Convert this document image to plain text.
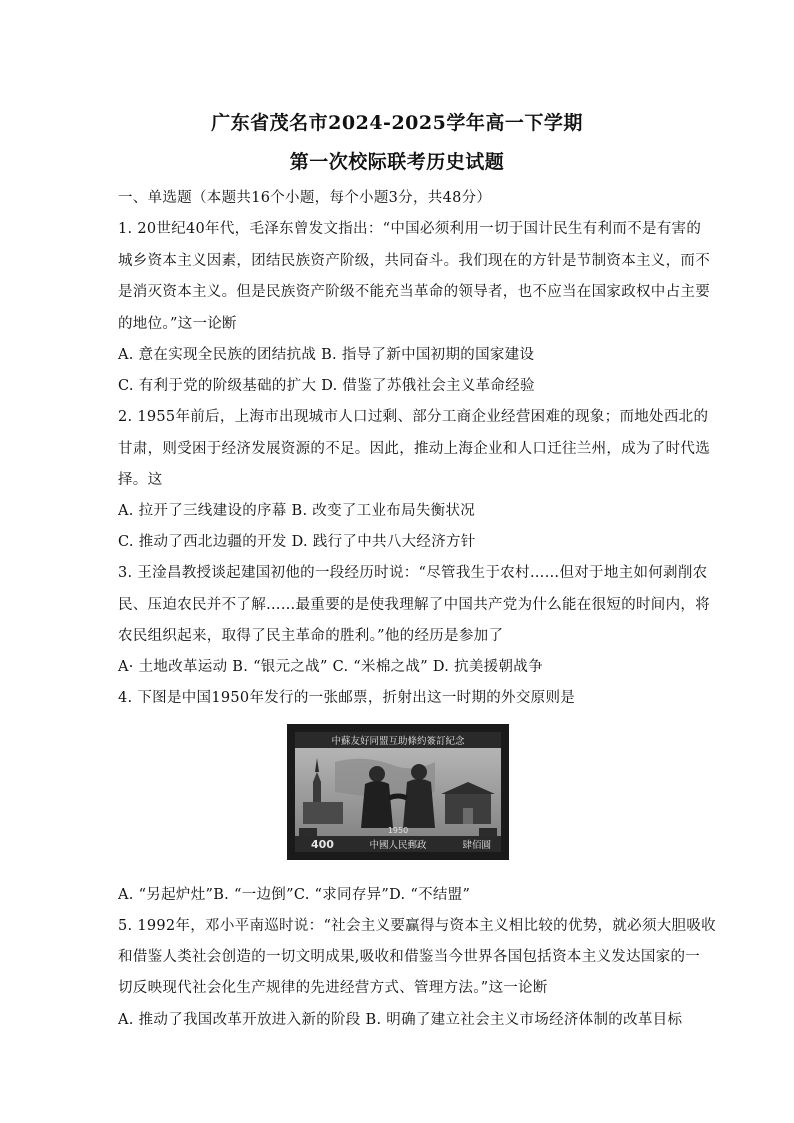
广东省茂名市2024-2025学年高一下学期
第一次校际联考历史试题
一、单选题（本题共16个小题，每个小题3分，共48分）
1. 20世纪40年代，毛泽东曾发文指出：“中国必须利用一切于国计民生有利而不是有害的
城乡资本主义因素，团结民族资产阶级，共同奋斗。我们现在的方针是节制资本主义，而不
是消灭资本主义。但是民族资产阶级不能充当革命的领导者，也不应当在国家政权中占主要
的地位。”这一论断
A. 意在实现全民族的团结抗战 B. 指导了新中国初期的国家建设
C. 有利于党的阶级基础的扩大 D. 借鉴了苏俄社会主义革命经验
2. 1955年前后，上海市出现城市人口过剩、部分工商企业经营困难的现象；而地处西北的
甘肃，则受困于经济发展资源的不足。因此，推动上海企业和人口迁往兰州，成为了时代选
择。这
A. 拉开了三线建设的序幕 B. 改变了工业布局失衡状况
C. 推动了西北边疆的开发 D. 践行了中共八大经济方针
3. 王淦昌教授谈起建国初他的一段经历时说：“尽管我生于农村……但对于地主如何剥削农
民、压迫农民并不了解……最重要的是使我理解了中国共产党为什么能在很短的时间内，将
农民组织起来，取得了民主革命的胜利。”他的经历是参加了
A· 土地改革运动 B. “银元之战” C. “米棉之战” D. 抗美援朝战争
4. 下图是中国1950年发行的一张邮票，折射出这一时期的外交原则是
中蘇友好同盟互助條約簽訂紀念
1950
400	中國人民郵政	肆佰圓
A. “另起炉灶”B. “一边倒”C. “求同存异”D. “不结盟”
5. 1992年，邓小平南巡时说：“社会主义要赢得与资本主义相比较的优势，就必须大胆吸收
和借鉴人类社会创造的一切文明成果,吸收和借鉴当今世界各国包括资本主义发达国家的一
切反映现代社会化生产规律的先进经营方式、管理方法。”这一论断
A. 推动了我国改革开放进入新的阶段 B. 明确了建立社会主义市场经济体制的改革目标
